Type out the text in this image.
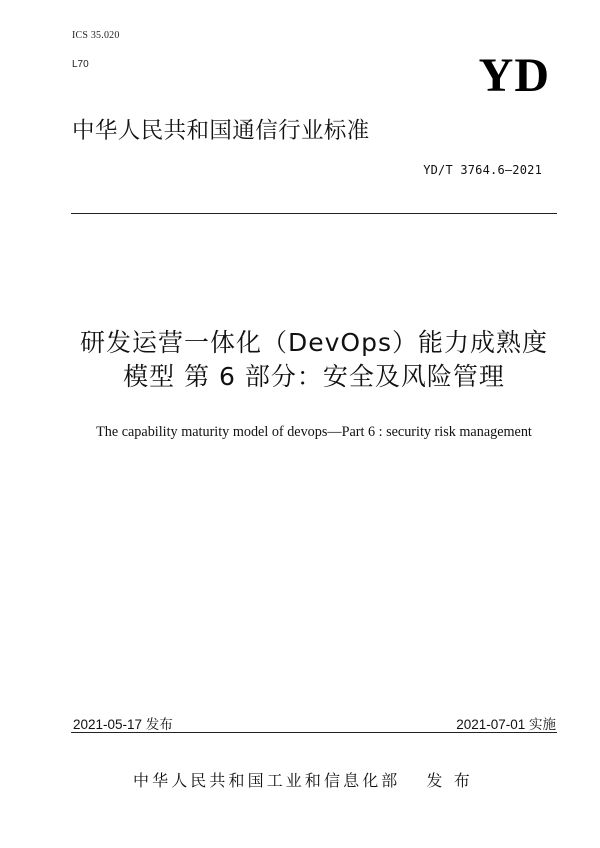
ICS 35.020
L70	YD
中华人民共和国通信行业标准
YD/T 3764.6—2021
研发运营一体化（DevOps）能力成熟度
模型 第 6 部分：安全及风险管理
The capability maturity model of devops—Part 6 : security risk management
2021-05-17 发布	2021-07-01 实施
中华人民共和国工业和信息化部 发 布
